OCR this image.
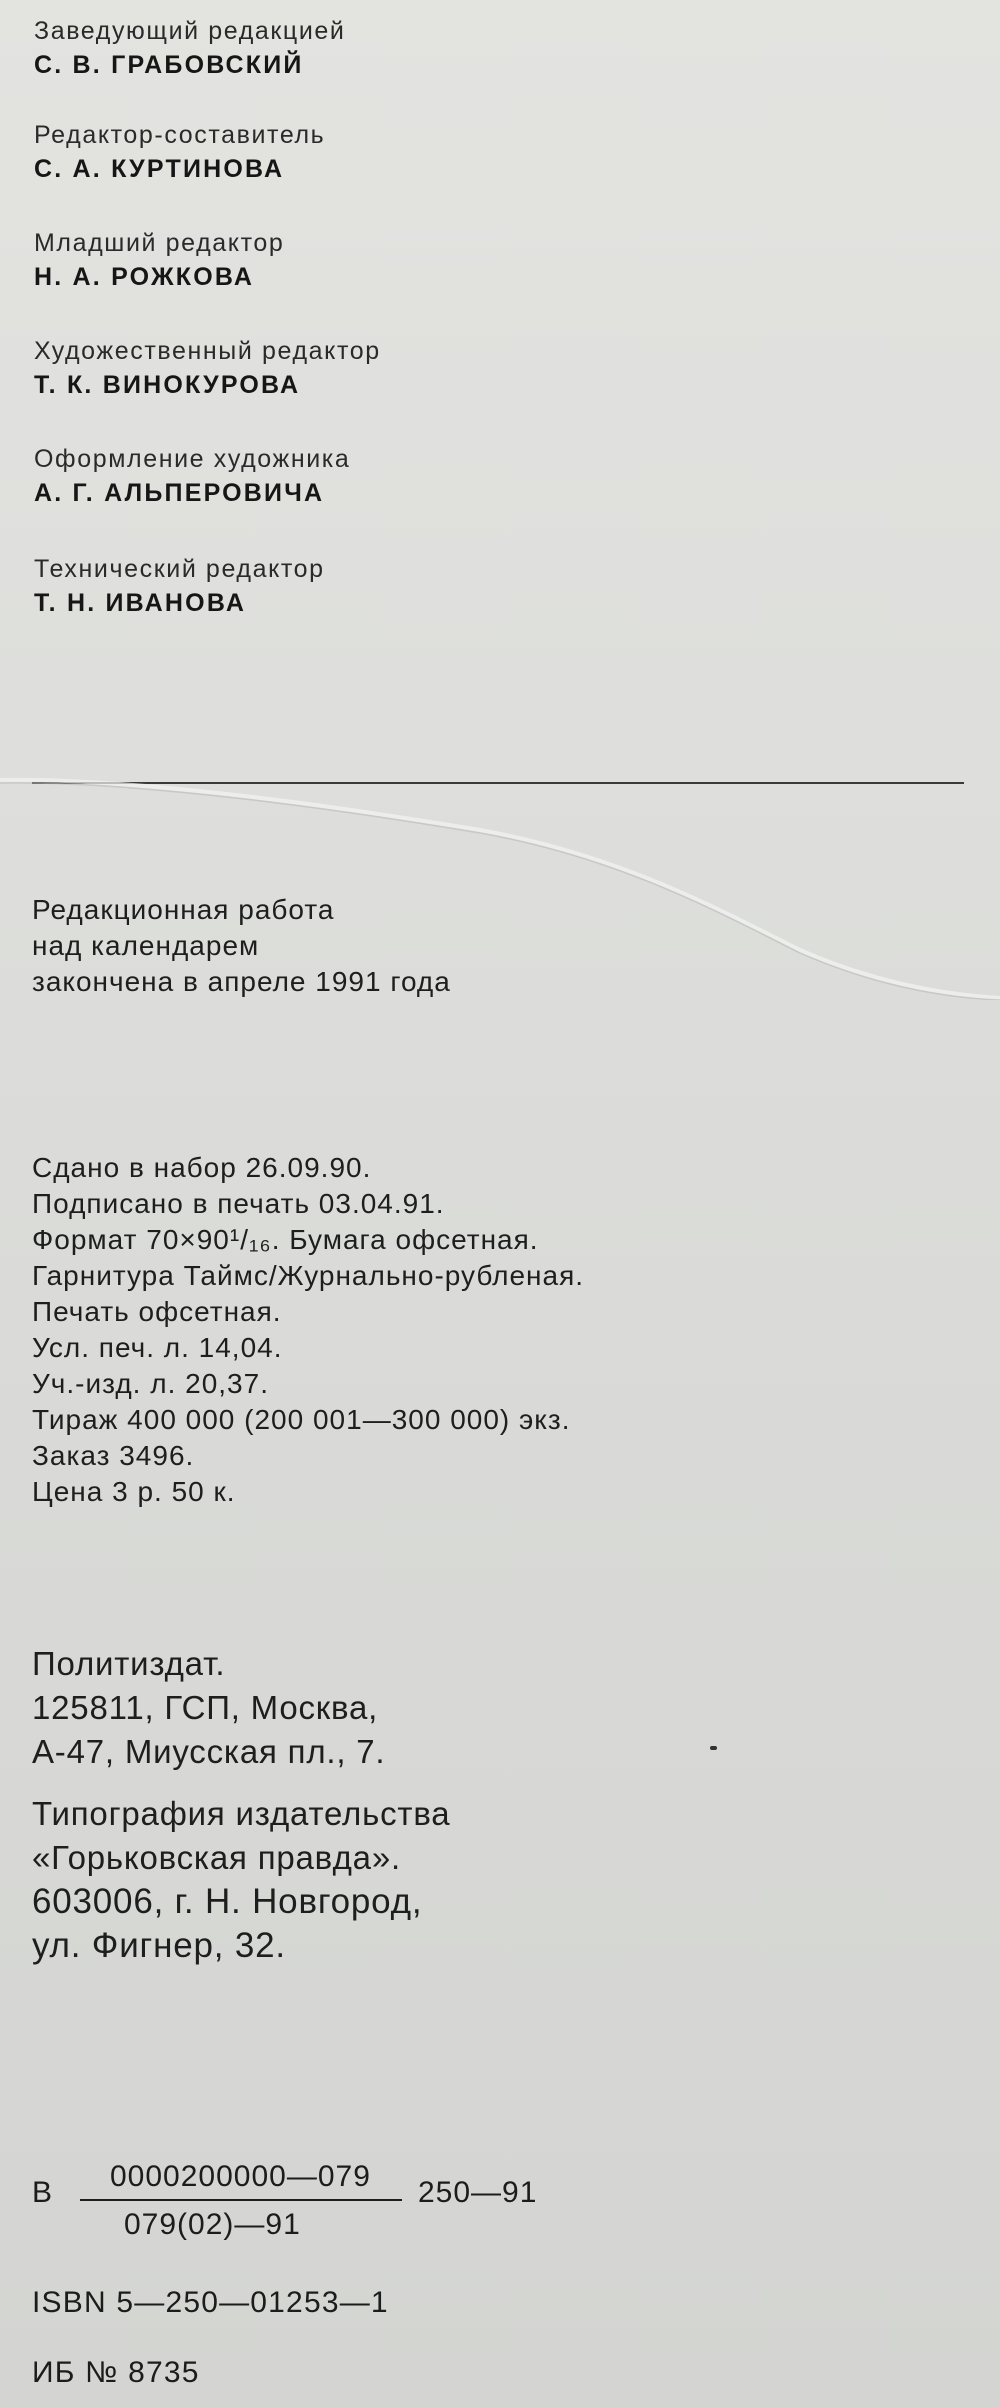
Заведующий редакцией
С. В. ГРАБОВСКИЙ
Редактор-составитель
С. А. КУРТИНОВА
Младший редактор
Н. А. РОЖКОВА
Художественный редактор
Т. К. ВИНОКУРОВА
Оформление художника
А. Г. АЛЬПЕРОВИЧА
Технический редактор
Т. Н. ИВАНОВА
Редакционная работа
над календарем
закончена в апреле 1991 года
Сдано в набор 26.09.90.
Подписано в печать 03.04.91.
Формат 70×90¹/₁₆. Бумага офсетная.
Гарнитура Таймс/Журнально-рубленая.
Печать офсетная.
Усл. печ. л. 14,04.
Уч.-изд. л. 20,37.
Тираж 400 000 (200 001—300 000) экз.
Заказ 3496.
Цена 3 р. 50 к.
Политиздат.
125811, ГСП, Москва,
А-47, Миусская пл., 7.
Типография издательства
«Горьковская правда».
603006, г. Н. Новгород,
ул. Фигнер, 32.
В 0000200000—079
079(02)—91
250—91
ISBN 5—250—01253—1
ИБ № 8735
